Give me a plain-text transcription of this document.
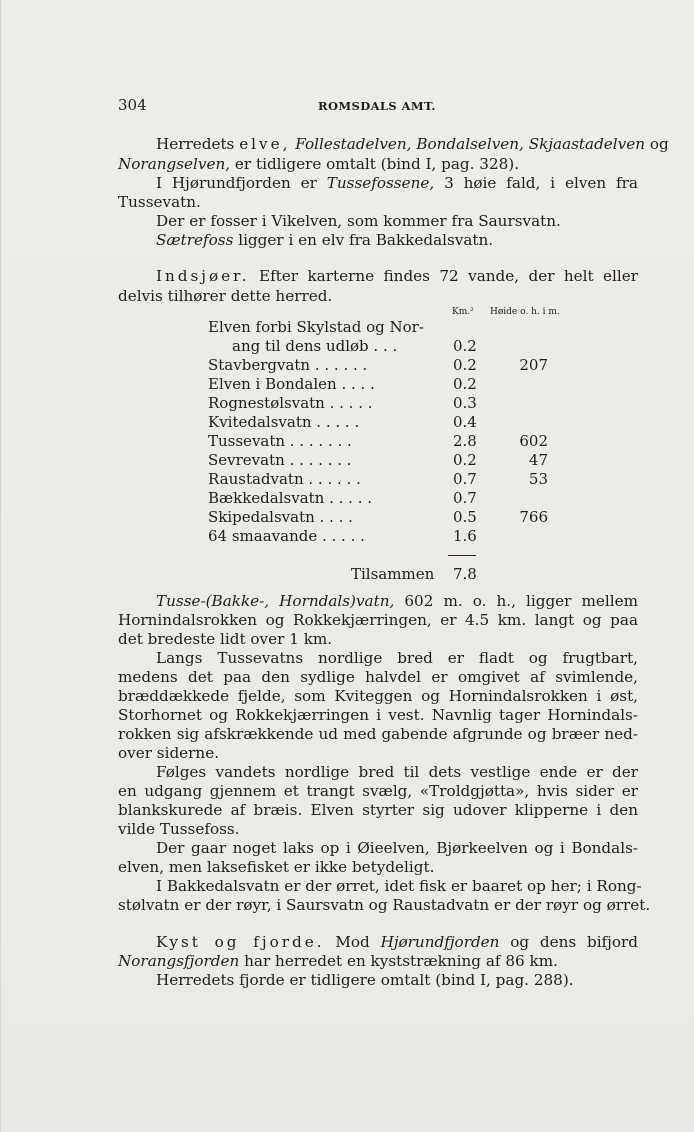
304	ROMSDALS AMT.
Herredets elve, Follestadelven, Bondalselven, Skjaastadelven og
Norangselven, er tidligere omtalt (bind I, pag. 328).
I Hjørundfjorden er Tussefossene, 3 høie fald, i elven fra
Tussevatn.
Der er fosser i Vikelven, som kommer fra Saursvatn.
Sætrefoss ligger i en elv fra Bakkedalsvatn.
Indsjøer. Efter karterne findes 72 vande, der helt eller
delvis tilhører dette herred.
Km.² Høide o. h. i m.
Elven forbi Skylstad og Nor-
ang til dens udløb . . .	0.2
Stavbergvatn . . . . . .	0.2	207
Elven i Bondalen . . . .	0.2
Rognestølsvatn . . . . .	0.3
Kvitedalsvatn . . . . .	0.4
Tussevatn . . . . . . .	2.8	602
Sevrevatn . . . . . . .	0.2	47
Raustadvatn . . . . . .	0.7	53
Bækkedalsvatn . . . . .	0.7
Skipedalsvatn . . . .	0.5	766
64 smaavande . . . . .	1.6
Tilsammen 7.8
Tusse-(Bakke-, Horndals)vatn, 602 m. o. h., ligger mellem
Hornindalsrokken og Rokkekjærringen, er 4.5 km. langt og paa
det bredeste lidt over 1 km.
Langs Tussevatns nordlige bred er fladt og frugtbart,
medens det paa den sydlige halvdel er omgivet af svimlende,
bræddækkede fjelde, som Kviteggen og Hornindalsrokken i øst,
Storhornet og Rokkekjærringen i vest. Navnlig tager Hornindals-
rokken sig afskrækkende ud med gabende afgrunde og bræer ned-
over siderne.
Følges vandets nordlige bred til dets vestlige ende er der
en udgang gjennem et trangt svælg, «Troldgjøtta», hvis sider er
blankskurede af bræis. Elven styrter sig udover klipperne i den
vilde Tussefoss.
Der gaar noget laks op i Øieelven, Bjørkeelven og i Bondals-
elven, men laksefisket er ikke betydeligt.
I Bakkedalsvatn er der ørret, idet fisk er baaret op her; i Rong-
stølvatn er der røyr, i Saursvatn og Raustadvatn er der røyr og ørret.
Kyst og fjorde. Mod Hjørundfjorden og dens bifjord
Norangsfjorden har herredet en kyststrækning af 86 km.
Herredets fjorde er tidligere omtalt (bind I, pag. 288).
